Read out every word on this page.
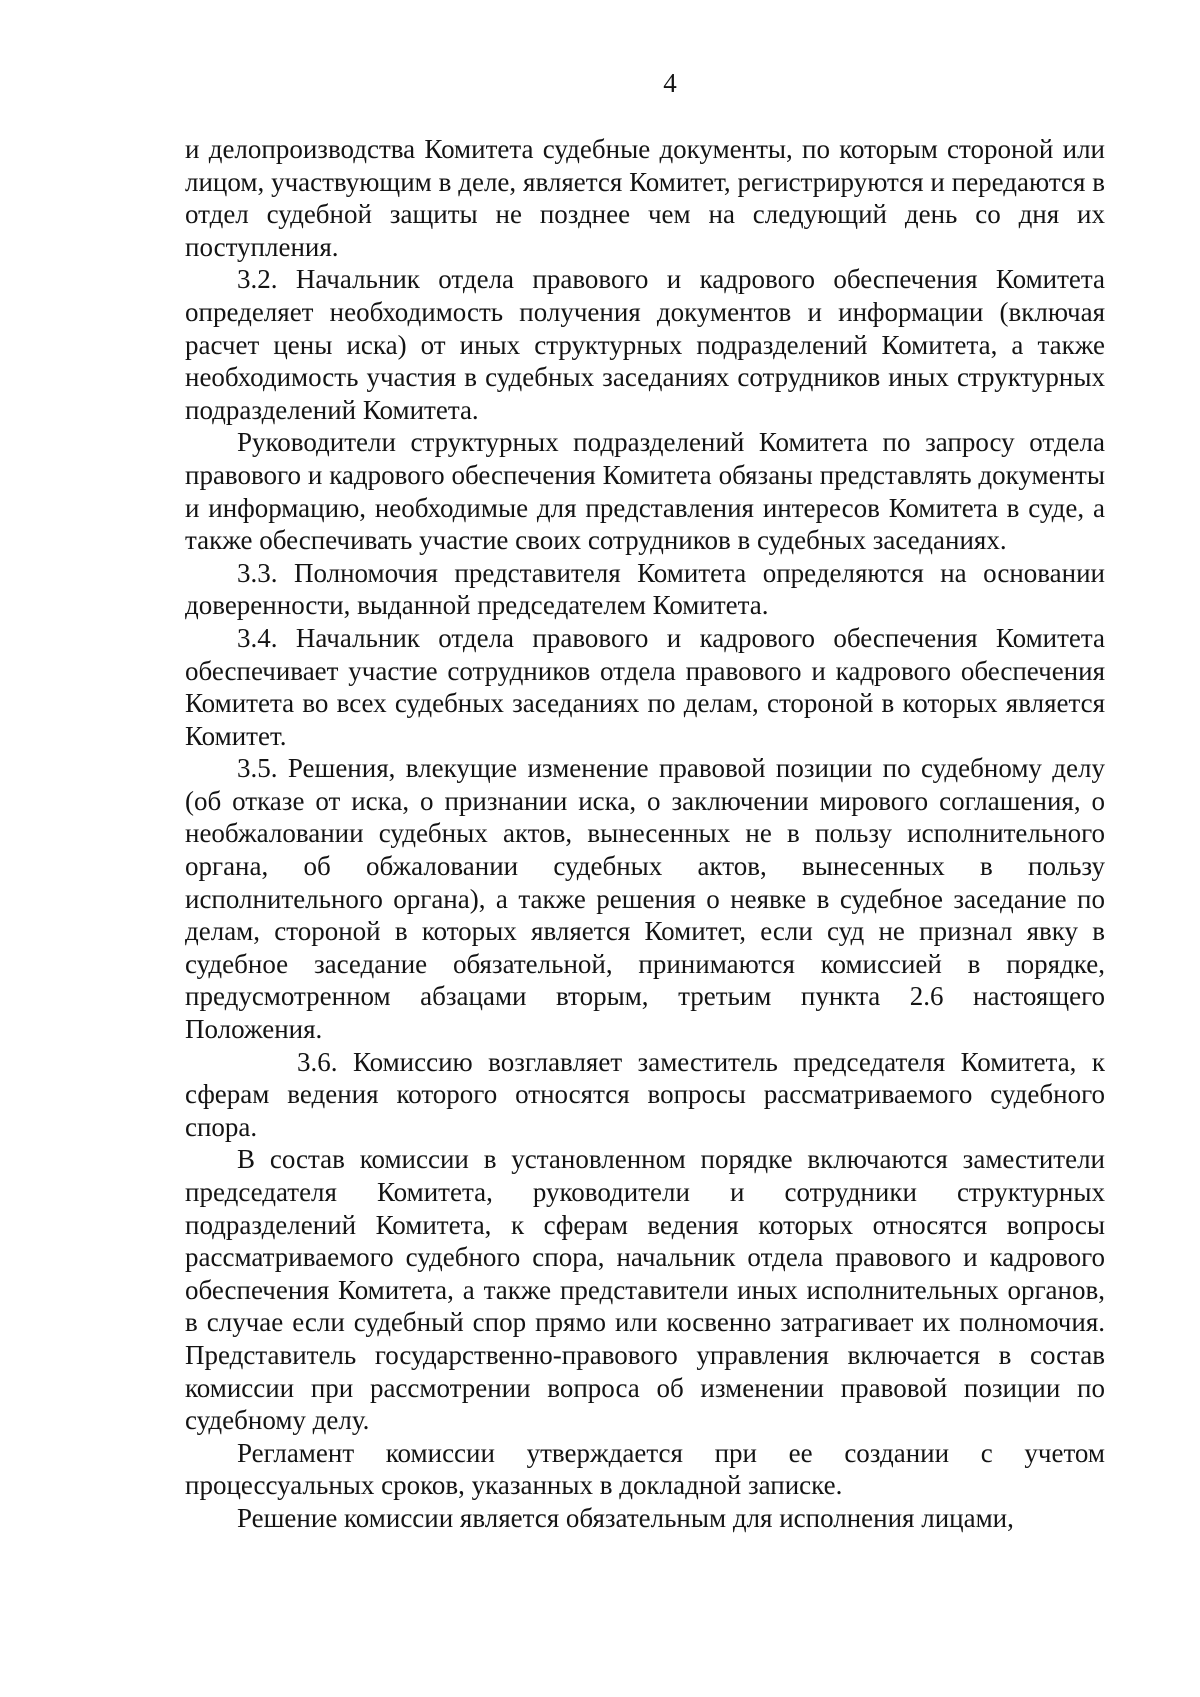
4

и делопроизводства Комитета судебные документы, по которым стороной или лицом, участвующим в деле, является Комитет, регистрируются и передаются в отдел судебной защиты не позднее чем на следующий день со дня их поступления.

3.2. Начальник отдела правового и кадрового обеспечения Комитета определяет необходимость получения документов и информации (включая расчет цены иска) от иных структурных подразделений Комитета, а также необходимость участия в судебных заседаниях сотрудников иных структурных подразделений Комитета.

Руководители структурных подразделений Комитета по запросу отдела правового и кадрового обеспечения Комитета обязаны представлять документы и информацию, необходимые для представления интересов Комитета в суде, а также обеспечивать участие своих сотрудников в судебных заседаниях.

3.3. Полномочия представителя Комитета определяются на основании доверенности, выданной председателем Комитета.

3.4. Начальник отдела правового и кадрового обеспечения Комитета обеспечивает участие сотрудников отдела правового и кадрового обеспечения Комитета во всех судебных заседаниях по делам, стороной в которых является Комитет.

3.5. Решения, влекущие изменение правовой позиции по судебному делу (об отказе от иска, о признании иска, о заключении мирового соглашения, о необжаловании судебных актов, вынесенных не в пользу исполнительного органа, об обжаловании судебных актов, вынесенных в пользу исполнительного органа), а также решения о неявке в судебное заседание по делам, стороной в которых является Комитет, если суд не признал явку в судебное заседание обязательной, принимаются комиссией в порядке, предусмотренном абзацами вторым, третьим пункта 2.6 настоящего Положения.

3.6. Комиссию возглавляет заместитель председателя Комитета, к сферам ведения которого относятся вопросы рассматриваемого судебного спора.

В состав комиссии в установленном порядке включаются заместители председателя Комитета, руководители и сотрудники структурных подразделений Комитета, к сферам ведения которых относятся вопросы рассматриваемого судебного спора, начальник отдела правового и кадрового обеспечения Комитета, а также представители иных исполнительных органов, в случае если судебный спор прямо или косвенно затрагивает их полномочия. Представитель государственно-правового управления включается в состав комиссии при рассмотрении вопроса об изменении правовой позиции по судебному делу.

Регламент комиссии утверждается при ее создании с учетом процессуальных сроков, указанных в докладной записке.

Решение комиссии является обязательным для исполнения лицами,
